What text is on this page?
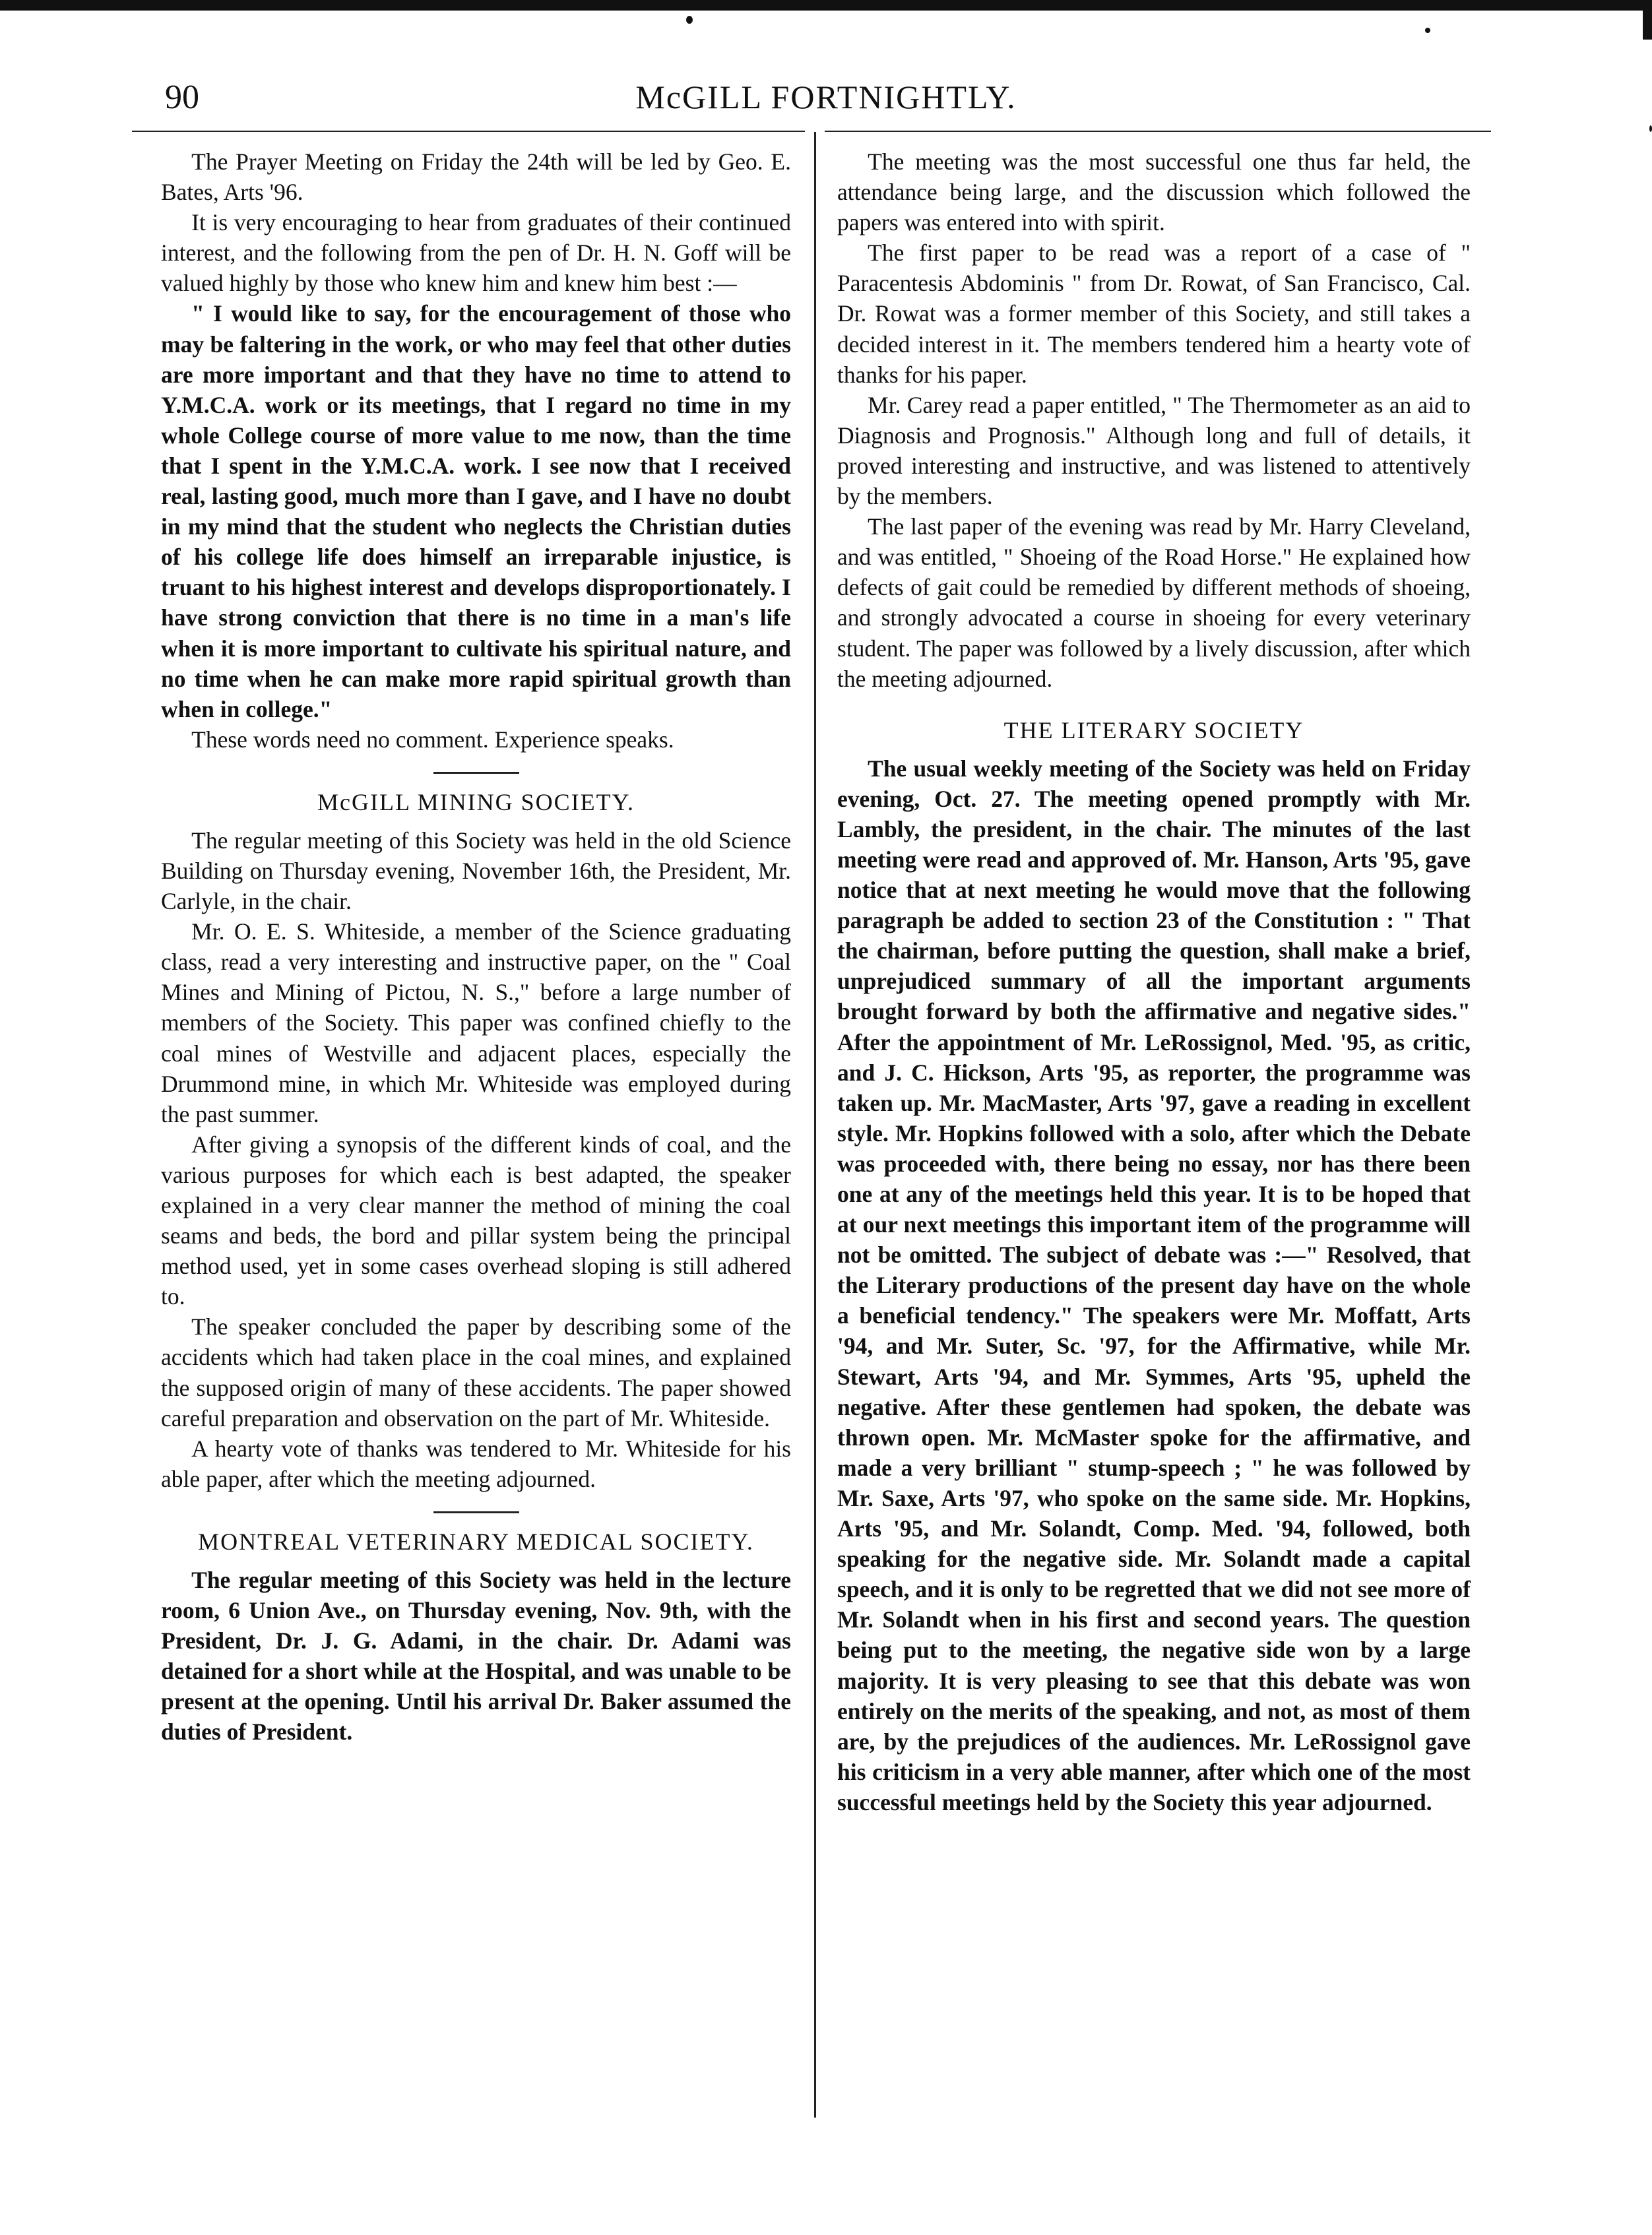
90	McGILL FORTNIGHTLY.

The Prayer Meeting on Friday the 24th will be led by Geo. E. Bates, Arts '96.

It is very encouraging to hear from graduates of their continued interest, and the following from the pen of Dr. H. N. Goff will be valued highly by those who knew him and knew him best :—

" I would like to say, for the encouragement of those who may be faltering in the work, or who may feel that other duties are more important and that they have no time to attend to Y.M.C.A. work or its meetings, that I regard no time in my whole College course of more value to me now, than the time that I spent in the Y.M.C.A. work. I see now that I received real, lasting good, much more than I gave, and I have no doubt in my mind that the student who neglects the Christian duties of his college life does himself an irreparable injustice, is truant to his highest interest and develops disproportionately. I have strong conviction that there is no time in a man's life when it is more important to cultivate his spiritual nature, and no time when he can make more rapid spiritual growth than when in college."

These words need no comment. Experience speaks.

McGILL MINING SOCIETY.

The regular meeting of this Society was held in the old Science Building on Thursday evening, November 16th, the President, Mr. Carlyle, in the chair.

Mr. O. E. S. Whiteside, a member of the Science graduating class, read a very interesting and instructive paper, on the " Coal Mines and Mining of Pictou, N. S.," before a large number of members of the Society. This paper was confined chiefly to the coal mines of Westville and adjacent places, especially the Drummond mine, in which Mr. Whiteside was employed during the past summer.

After giving a synopsis of the different kinds of coal, and the various purposes for which each is best adapted, the speaker explained in a very clear manner the method of mining the coal seams and beds, the bord and pillar system being the principal method used, yet in some cases overhead sloping is still adhered to.

The speaker concluded the paper by describing some of the accidents which had taken place in the coal mines, and explained the supposed origin of many of these accidents. The paper showed careful preparation and observation on the part of Mr. Whiteside.

A hearty vote of thanks was tendered to Mr. Whiteside for his able paper, after which the meeting adjourned.

MONTREAL VETERINARY MEDICAL SOCIETY.

The regular meeting of this Society was held in the lecture room, 6 Union Ave., on Thursday evening, Nov. 9th, with the President, Dr. J. G. Adami, in the chair. Dr. Adami was detained for a short while at the Hospital, and was unable to be present at the opening. Until his arrival Dr. Baker assumed the duties of President.

The meeting was the most successful one thus far held, the attendance being large, and the discussion which followed the papers was entered into with spirit.

The first paper to be read was a report of a case of " Paracentesis Abdominis " from Dr. Rowat, of San Francisco, Cal. Dr. Rowat was a former member of this Society, and still takes a decided interest in it. The members tendered him a hearty vote of thanks for his paper.

Mr. Carey read a paper entitled, " The Thermometer as an aid to Diagnosis and Prognosis." Although long and full of details, it proved interesting and instructive, and was listened to attentively by the members.

The last paper of the evening was read by Mr. Harry Cleveland, and was entitled, " Shoeing of the Road Horse." He explained how defects of gait could be remedied by different methods of shoeing, and strongly advocated a course in shoeing for every veterinary student. The paper was followed by a lively discussion, after which the meeting adjourned.

THE LITERARY SOCIETY

The usual weekly meeting of the Society was held on Friday evening, Oct. 27. The meeting opened promptly with Mr. Lambly, the president, in the chair. The minutes of the last meeting were read and approved of. Mr. Hanson, Arts '95, gave notice that at next meeting he would move that the following paragraph be added to section 23 of the Constitution : " That the chairman, before putting the question, shall make a brief, unprejudiced summary of all the important arguments brought forward by both the affirmative and negative sides." After the appointment of Mr. LeRossignol, Med. '95, as critic, and J. C. Hickson, Arts '95, as reporter, the programme was taken up. Mr. MacMaster, Arts '97, gave a reading in excellent style. Mr. Hopkins followed with a solo, after which the Debate was proceeded with, there being no essay, nor has there been one at any of the meetings held this year. It is to be hoped that at our next meetings this important item of the programme will not be omitted. The subject of debate was :—" Resolved, that the Literary productions of the present day have on the whole a beneficial tendency." The speakers were Mr. Moffatt, Arts '94, and Mr. Suter, Sc. '97, for the Affirmative, while Mr. Stewart, Arts '94, and Mr. Symmes, Arts '95, upheld the negative. After these gentlemen had spoken, the debate was thrown open. Mr. McMaster spoke for the affirmative, and made a very brilliant " stump-speech ; " he was followed by Mr. Saxe, Arts '97, who spoke on the same side. Mr. Hopkins, Arts '95, and Mr. Solandt, Comp. Med. '94, followed, both speaking for the negative side. Mr. Solandt made a capital speech, and it is only to be regretted that we did not see more of Mr. Solandt when in his first and second years. The question being put to the meeting, the negative side won by a large majority. It is very pleasing to see that this debate was won entirely on the merits of the speaking, and not, as most of them are, by the prejudices of the audiences. Mr. LeRossignol gave his criticism in a very able manner, after which one of the most successful meetings held by the Society this year adjourned.
